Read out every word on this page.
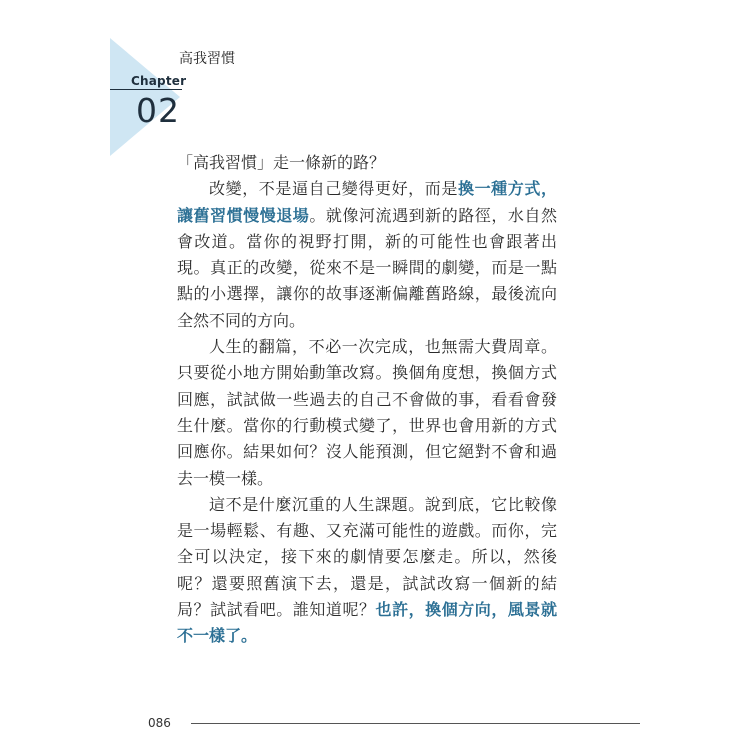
Chapter
02
高我習慣

「高我習慣」走一條新的路？

改變，不是逼自己變得更好，而是換一種方式，讓舊習慣慢慢退場。就像河流遇到新的路徑，水自然會改道。當你的視野打開，新的可能性也會跟著出現。真正的改變，從來不是一瞬間的劇變，而是一點點的小選擇，讓你的故事逐漸偏離舊路線，最後流向全然不同的方向。

人生的翻篇，不必一次完成，也無需大費周章。只要從小地方開始動筆改寫。換個角度想，換個方式回應，試試做一些過去的自己不會做的事，看看會發生什麼。當你的行動模式變了，世界也會用新的方式回應你。結果如何？沒人能預測，但它絕對不會和過去一模一樣。

這不是什麼沉重的人生課題。說到底，它比較像是一場輕鬆、有趣、又充滿可能性的遊戲。而你，完全可以決定，接下來的劇情要怎麼走。所以，然後呢？還要照舊演下去，還是，試試改寫一個新的結局？試試看吧。誰知道呢？也許，換個方向，風景就不一樣了。

086
